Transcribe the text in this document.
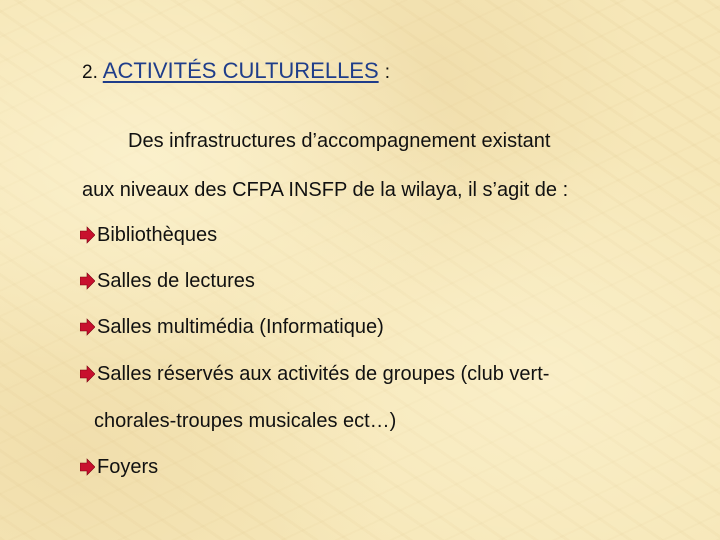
2. ACTIVITÉS CULTURELLES :
Des infrastructures d’accompagnement existant
aux niveaux des CFPA INSFP de la wilaya, il s’agit de :
Bibliothèques
Salles de lectures
Salles multimédia (Informatique)
Salles réservés aux activités de groupes (club vert-
chorales-troupes musicales ect…)
Foyers
